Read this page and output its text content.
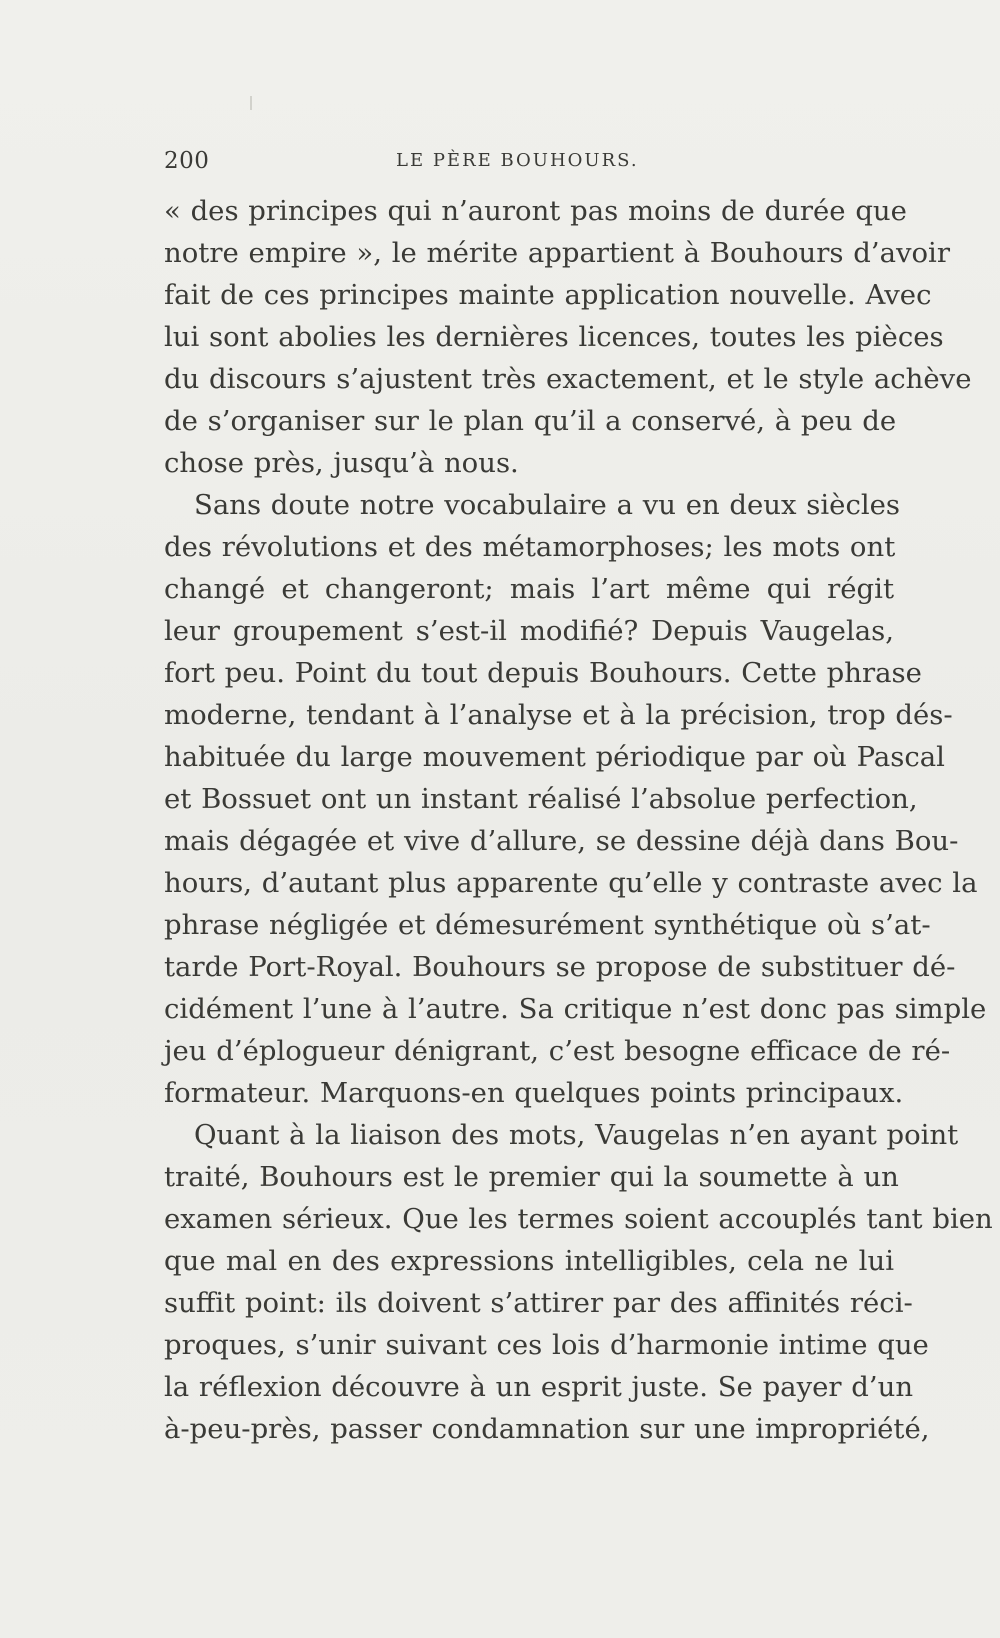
200	LE PÈRE BOUHOURS.
« des principes qui n’auront pas moins de durée que
notre empire », le mérite appartient à Bouhours d’avoir
fait de ces principes mainte application nouvelle. Avec
lui sont abolies les dernières licences, toutes les pièces
du discours s’ajustent très exactement, et le style achève
de s’organiser sur le plan qu’il a conservé, à peu de
chose près, jusqu’à nous.
Sans doute notre vocabulaire a vu en deux siècles
des révolutions et des métamorphoses; les mots ont
changé et changeront; mais l’art même qui régit
leur groupement s’est-il modifié? Depuis Vaugelas,
fort peu. Point du tout depuis Bouhours. Cette phrase
moderne, tendant à l’analyse et à la précision, trop dés-
habituée du large mouvement périodique par où Pascal
et Bossuet ont un instant réalisé l’absolue perfection,
mais dégagée et vive d’allure, se dessine déjà dans Bou-
hours, d’autant plus apparente qu’elle y contraste avec la
phrase négligée et démesurément synthétique où s’at-
tarde Port-Royal. Bouhours se propose de substituer dé-
cidément l’une à l’autre. Sa critique n’est donc pas simple
jeu d’éplogueur dénigrant, c’est besogne efficace de ré-
formateur. Marquons-en quelques points principaux.
Quant à la liaison des mots, Vaugelas n’en ayant point
traité, Bouhours est le premier qui la soumette à un
examen sérieux. Que les termes soient accouplés tant bien
que mal en des expressions intelligibles, cela ne lui
suffit point: ils doivent s’attirer par des affinités réci-
proques, s’unir suivant ces lois d’harmonie intime que
la réflexion découvre à un esprit juste. Se payer d’un
à-peu-près, passer condamnation sur une impropriété,
